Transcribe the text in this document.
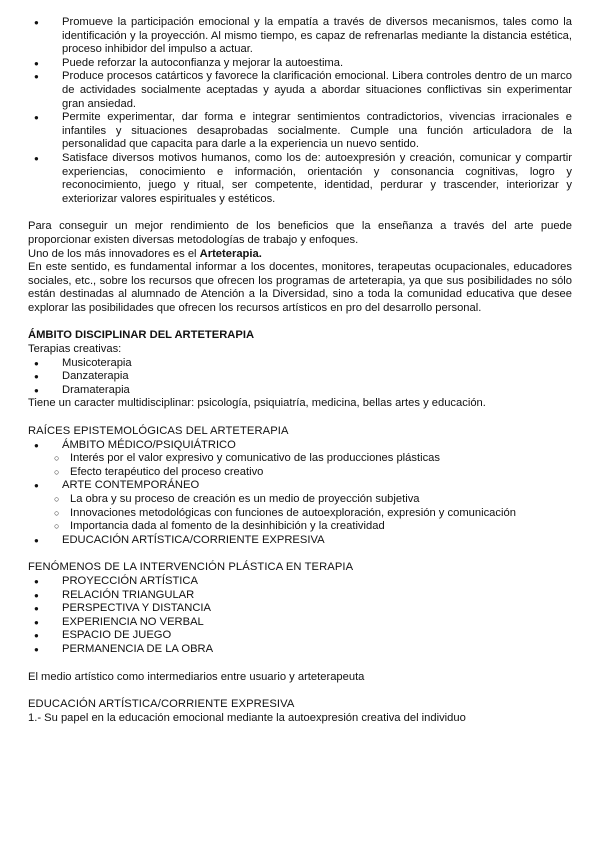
● Promueve la participación emocional y la empatía a través de diversos mecanismos, tales como la identificación y la proyección. Al mismo tiempo, es capaz de refrenarlas mediante la distancia estética, proceso inhibidor del impulso a actuar.
● Puede reforzar la autoconfianza y mejorar la autoestima.
● Produce procesos catárticos y favorece la clarificación emocional. Libera controles dentro de un marco de actividades socialmente aceptadas y ayuda a abordar situaciones conflictivas sin experimentar gran ansiedad.
● Permite experimentar, dar forma e integrar sentimientos contradictorios, vivencias irracionales e infantiles y situaciones desaprobadas socialmente. Cumple una función articuladora de la personalidad que capacita para darle a la experiencia un nuevo sentido.
● Satisface diversos motivos humanos, como los de: autoexpresión y creación, comunicar y compartir experiencias, conocimiento e información, orientación y consonancia cognitivas, logro y reconocimiento, juego y ritual, ser competente, identidad, perdurar y trascender, interiorizar y exteriorizar valores espirituales y estéticos.

Para conseguir un mejor rendimiento de los beneficios que la enseñanza a través del arte puede proporcionar existen diversas metodologías de trabajo y enfoques.

Uno de los más innovadores es el Arteterapia.

En este sentido, es fundamental informar a los docentes, monitores, terapeutas ocupacionales, educadores sociales, etc., sobre los recursos que ofrecen los programas de arteterapia, ya que sus posibilidades no sólo están destinadas al alumnado de Atención a la Diversidad, sino a toda la comunidad educativa que desee explorar las posibilidades que ofrecen los recursos artísticos en pro del desarrollo personal.

ÁMBITO DISCIPLINAR DEL ARTETERAPIA
Terapias creativas:
● Musicoterapia
● Danzaterapia
● Dramaterapia
Tiene un caracter multidisciplinar: psicología, psiquiatría, medicina, bellas artes y educación.
RAÍCES EPISTEMOLÓGICAS DEL ARTETERAPIA
● ÁMBITO MÉDICO/PSIQUIÁTRICO
○ Interés por el valor expresivo y comunicativo de las producciones plásticas
○ Efecto terapéutico del proceso creativo
● ARTE CONTEMPORÁNEO
○ La obra y su proceso de creación es un medio de proyección subjetiva
○ Innovaciones metodológicas con funciones de autoexploración, expresión y comunicación
○ Importancia dada al fomento de la desinhibición y la creatividad
● EDUCACIÓN ARTÍSTICA/CORRIENTE EXPRESIVA
FENÓMENOS DE LA INTERVENCIÓN PLÁSTICA EN TERAPIA
● PROYECCIÓN ARTÍSTICA
● RELACIÓN TRIANGULAR
● PERSPECTIVA Y DISTANCIA
● EXPERIENCIA NO VERBAL
● ESPACIO DE JUEGO
● PERMANENCIA DE LA OBRA
El medio artístico como intermediarios entre usuario y arteterapeuta
EDUCACIÓN ARTÍSTICA/CORRIENTE EXPRESIVA
1.- Su papel en la educación emocional mediante la autoexpresión creativa del individuo
